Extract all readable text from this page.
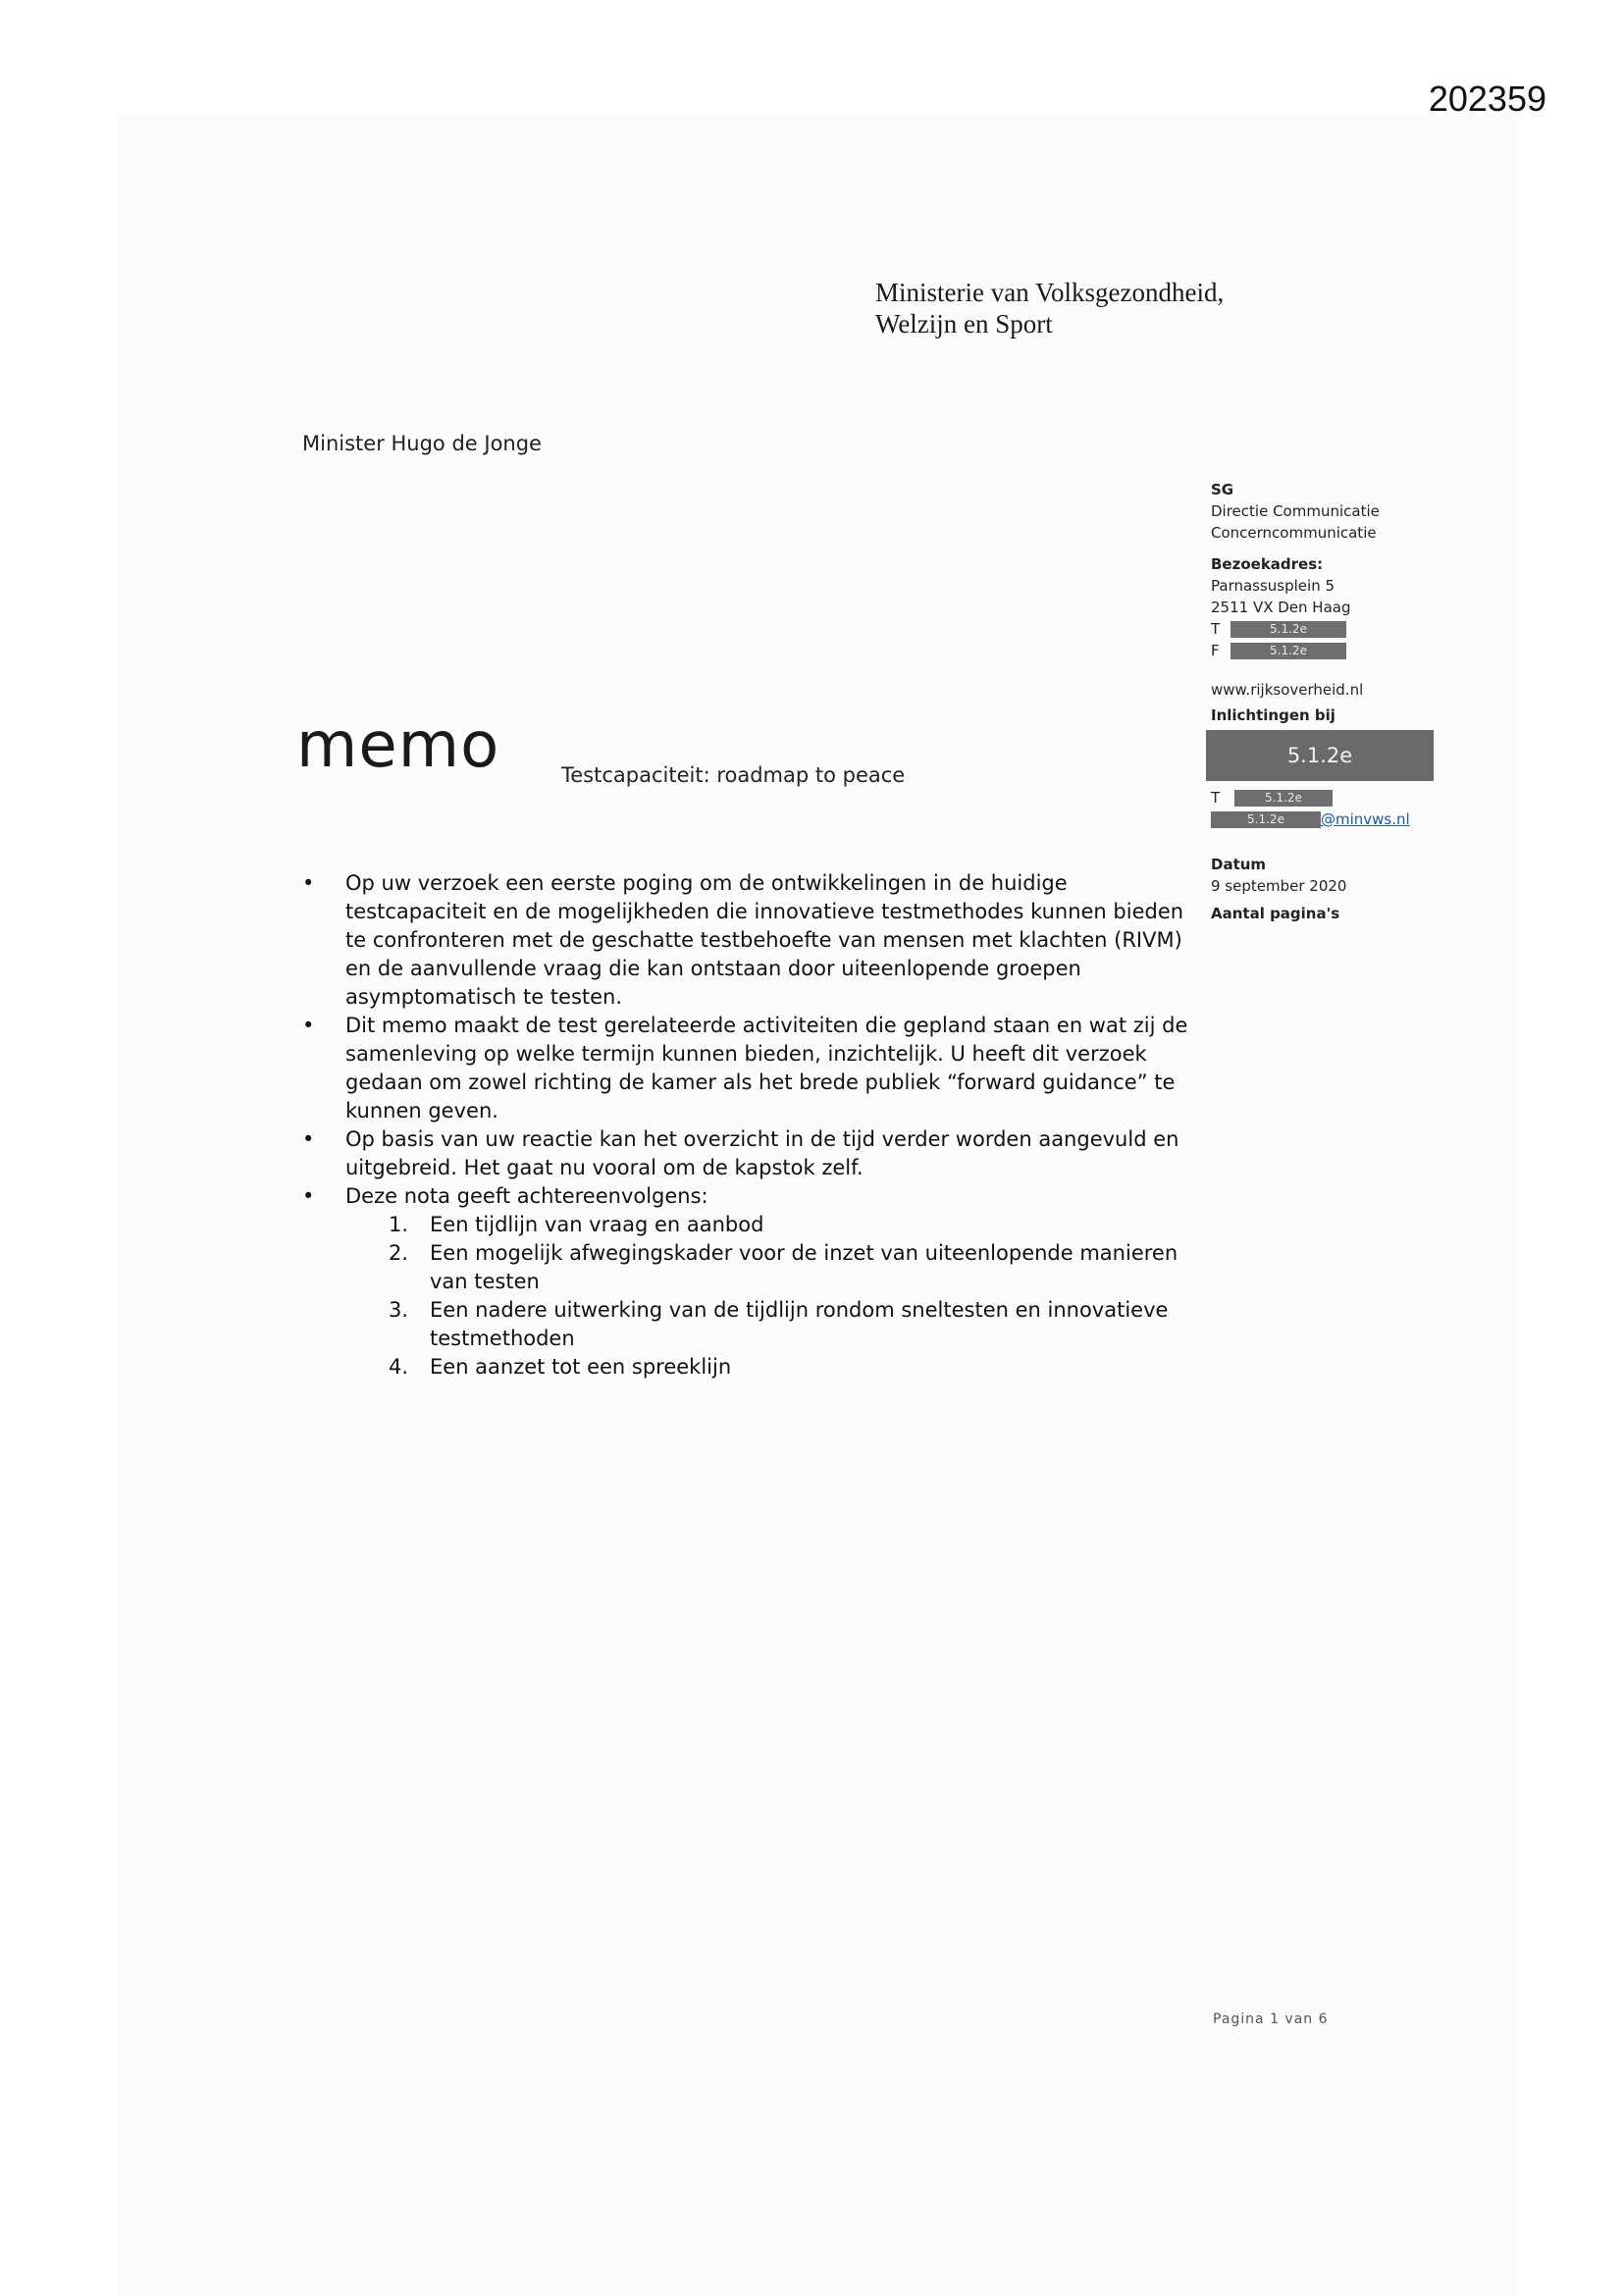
202359
Ministerie van Volksgezondheid,
Welzijn en Sport
Minister Hugo de Jonge
memo	Testcapaciteit: roadmap to peace
SG
Directie Communicatie
Concerncommunicatie
Bezoekadres:
Parnassusplein 5
2511 VX Den Haag
T	5.1.2e
F	5.1.2e
www.rijksoverheid.nl
Inlichtingen bij
5.1.2e
T	5.1.2e
5.1.2e @minvws.nl
Datum
9 september 2020
Aantal pagina's
• Op uw verzoek een eerste poging om de ontwikkelingen in de huidige testcapaciteit en de mogelijkheden die innovatieve testmethodes kunnen bieden te confronteren met de geschatte testbehoefte van mensen met klachten (RIVM) en de aanvullende vraag die kan ontstaan door uiteenlopende groepen asymptomatisch te testen.
• Dit memo maakt de test gerelateerde activiteiten die gepland staan en wat zij de samenleving op welke termijn kunnen bieden, inzichtelijk. U heeft dit verzoek gedaan om zowel richting de kamer als het brede publiek “forward guidance” te kunnen geven.
• Op basis van uw reactie kan het overzicht in de tijd verder worden aangevuld en uitgebreid. Het gaat nu vooral om de kapstok zelf.
• Deze nota geeft achtereenvolgens:
1. Een tijdlijn van vraag en aanbod
2. Een mogelijk afwegingskader voor de inzet van uiteenlopende manieren van testen
3. Een nadere uitwerking van de tijdlijn rondom sneltesten en innovatieve testmethoden
4. Een aanzet tot een spreeklijn
Pagina 1 van 6
